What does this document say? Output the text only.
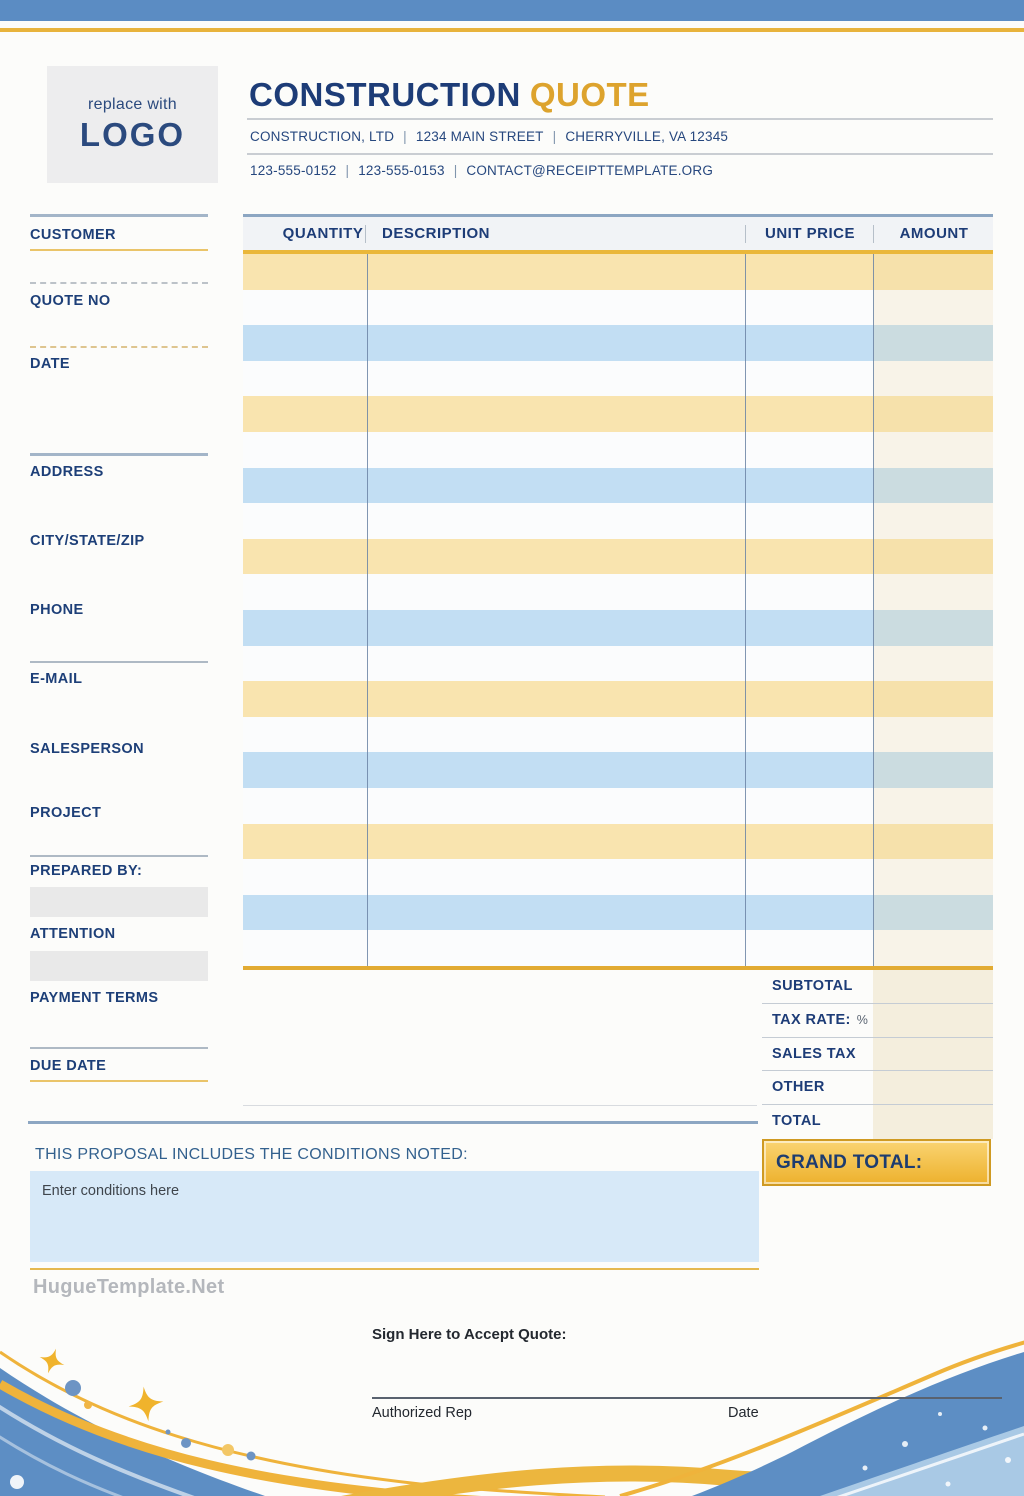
replace with
LOGO
CONSTRUCTION QUOTE
CONSTRUCTION, LTD | 1234 MAIN STREET | CHERRYVILLE, VA 12345
123-555-0152 | 123-555-0153 | CONTACT@RECEIPTTEMPLATE.ORG
CUSTOMER
QUOTE NO
DATE
ADDRESS
CITY/STATE/ZIP
PHONE
E-MAIL
SALESPERSON
PROJECT
PREPARED BY:
ATTENTION
PAYMENT TERMS
DUE DATE
QUANTITY	DESCRIPTION	UNIT PRICE	AMOUNT
SUBTOTAL
TAX RATE: %
SALES TAX
OTHER
TOTAL
GRAND TOTAL:
THIS PROPOSAL INCLUDES THE CONDITIONS NOTED:
Enter conditions here
HugueTemplate.Net
Sign Here to Accept Quote:
Authorized Rep	Date
